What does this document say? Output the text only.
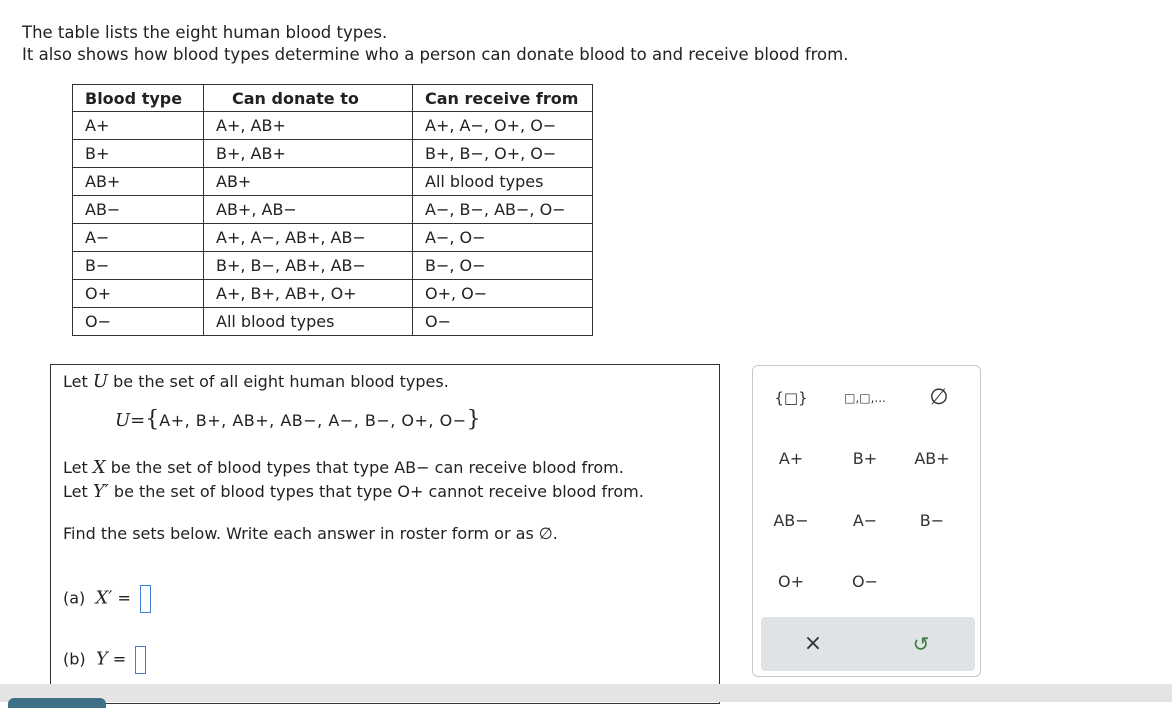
The table lists the eight human blood types.
It also shows how blood types determine who a person can donate blood to and receive blood from.
Blood type	Can donate to	Can receive from
A+	A+, AB+	A+, A−, O+, O−
B+	B+, AB+	B+, B−, O+, O−
AB+	AB+	All blood types
AB−	AB+, AB−	A−, B−, AB−, O−
A−	A+, A−, AB+, AB−	A−, O−
B−	B+, B−, AB+, AB−	B−, O−
O+	A+, B+, AB+, O+	O+, O−
O−	All blood types	O−
Let U be the set of all eight human blood types.
U={A+, B+, AB+, AB−, A−, B−, O+, O−}
Let X be the set of blood types that type AB− can receive blood from.
Let Y′ be the set of blood types that type O+ cannot receive blood from.
Find the sets below. Write each answer in roster form or as ∅.
(a) X′ =
(b) Y =
{□}	□,□,...	∅
A+	B+	AB+
AB−	A−	B−
O+	O−
×	↺
